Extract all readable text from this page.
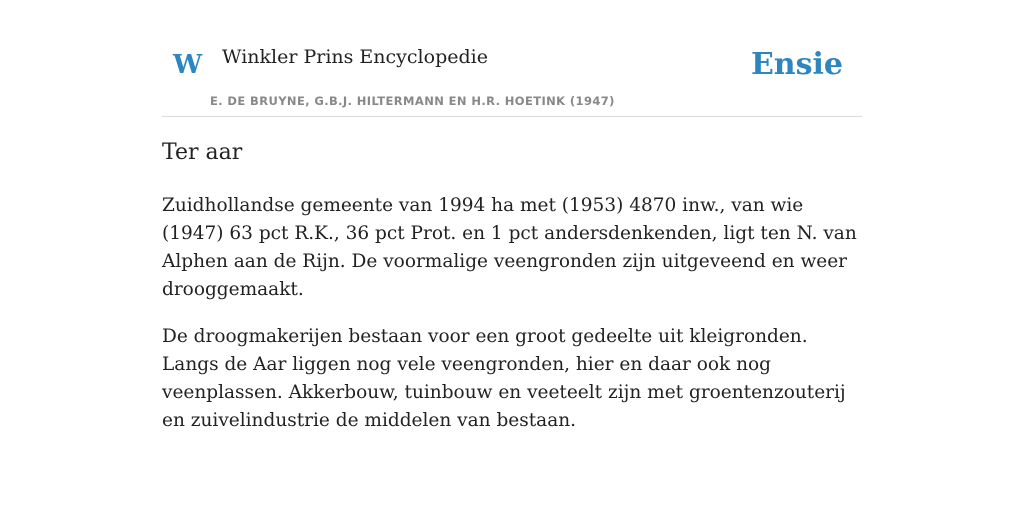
W Winkler Prins Encyclopedie
E. DE BRUYNE, G.B.J. HILTERMANN EN H.R. HOETINK (1947)
Ensie
Ter aar

Zuidhollandse gemeente van 1994 ha met (1953) 4870 inw., van wie (1947) 63 pct R.K., 36 pct Prot. en 1 pct andersdenkenden, ligt ten N. van Alphen aan de Rijn. De voormalige veengronden zijn uitgeveend en weer drooggemaakt.

De droogmakerijen bestaan voor een groot gedeelte uit kleigronden. Langs de Aar liggen nog vele veengronden, hier en daar ook nog veenplassen. Akkerbouw, tuinbouw en veeteelt zijn met groentenzouterij en zuivelindustrie de middelen van bestaan.
